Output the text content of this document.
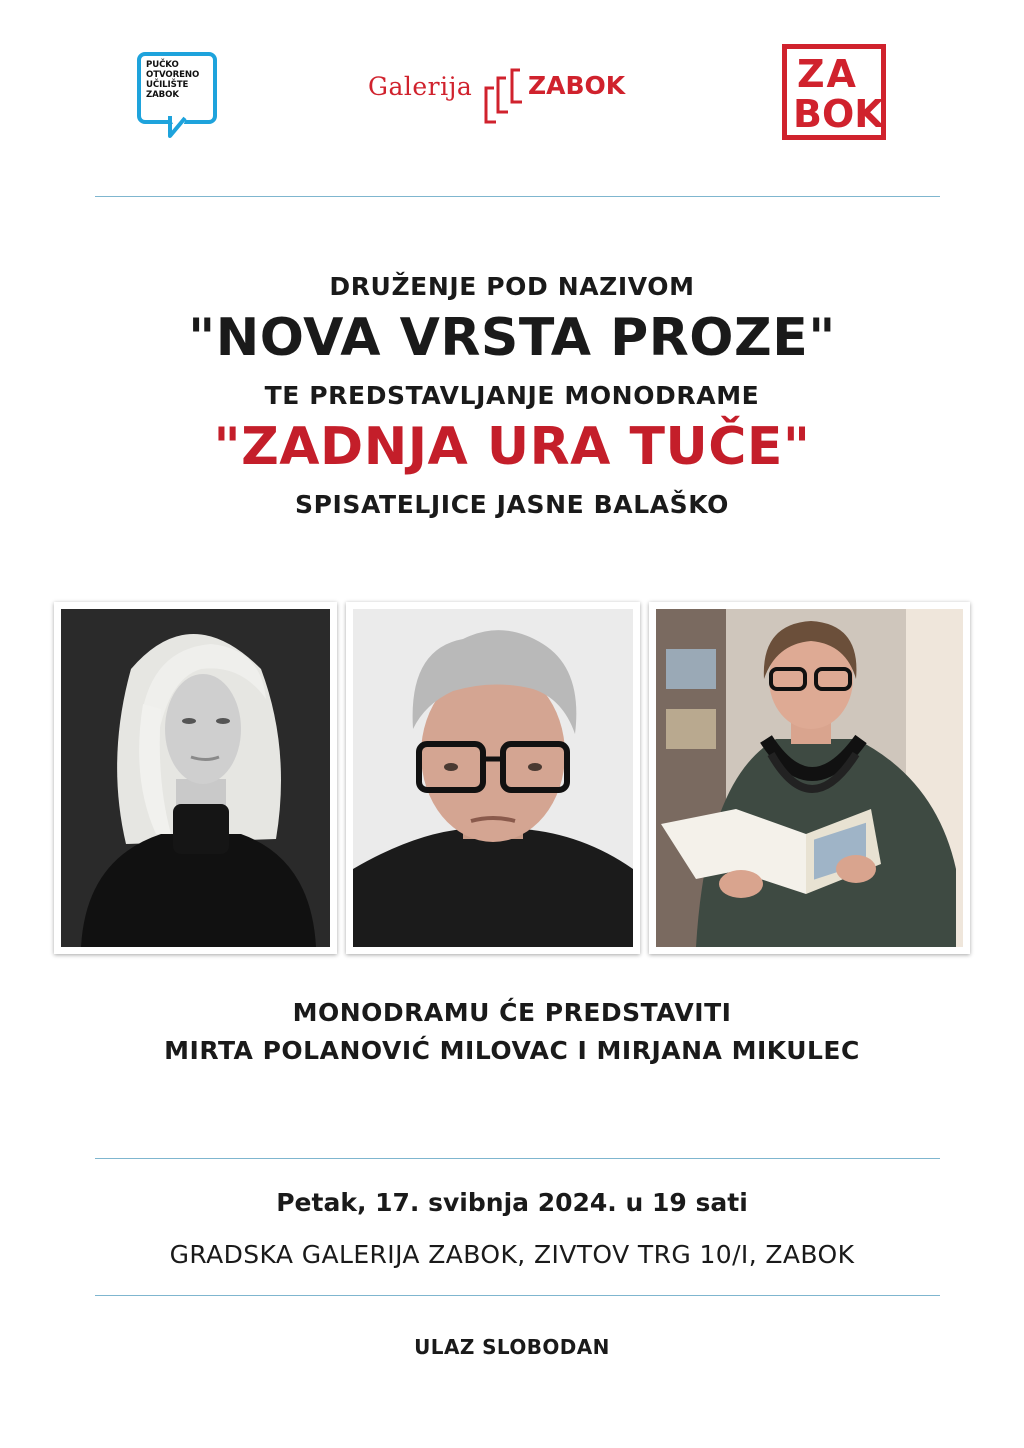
PUČKO
OTVORENO
UČILIŠTE
ZABOK	Galerija ZABOK	ZA
BOK
DRUŽENJE POD NAZIVOM
"NOVA VRSTA PROZE"
TE PREDSTAVLJANJE MONODRAME
"ZADNJA URA TUČE"
SPISATELJICE JASNE BALAŠKO
MONODRAMU ĆE PREDSTAVITI
MIRTA POLANOVIĆ MILOVAC I MIRJANA MIKULEC
Petak, 17. svibnja 2024. u 19 sati
GRADSKA GALERIJA ZABOK, ZIVTOV TRG 10/I, ZABOK
ULAZ SLOBODAN
